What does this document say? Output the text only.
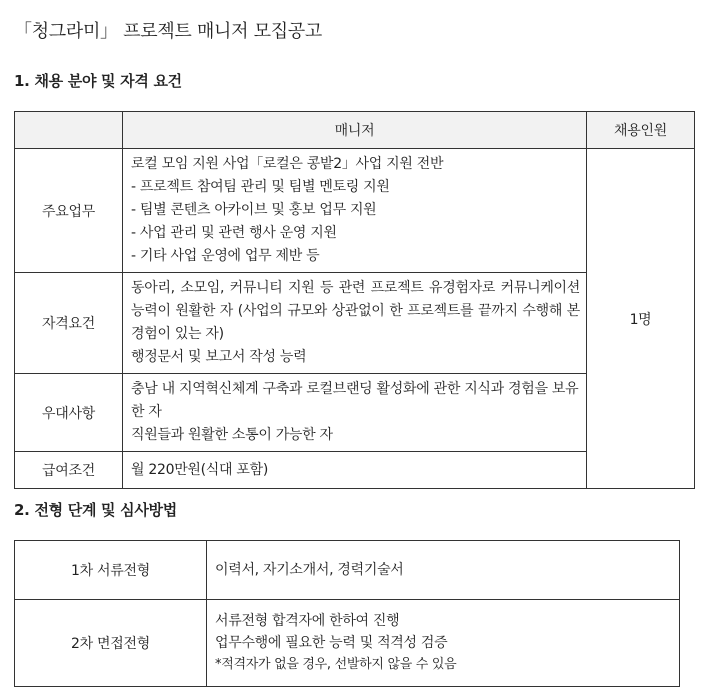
「청그라미」 프로젝트 매니저 모집공고
1. 채용 분야 및 자격 요건
	매니저	채용인원
주요업무	로컬 모임 지원 사업「로컬은 콩밭2」사업 지원 전반
- 프로젝트 참여팀 관리 및 팀별 멘토링 지원
- 팀별 콘텐츠 아카이브 및 홍보 업무 지원
- 사업 관리 및 관련 행사 운영 지원
- 기타 사업 운영에 업무 제반 등	1명
자격요건	동아리, 소모임, 커뮤니티 지원 등 관련 프로젝트 유경험자로 커뮤니케이션 능력이 원활한 자 (사업의 규모와 상관없이 한 프로젝트를 끝까지 수행해 본 경험이 있는 자)
행정문서 및 보고서 작성 능력	

우대사항	충남 내 지역혁신체계 구축과 로컬브랜딩 활성화에 관한 지식과 경험을 보유한 자
직원들과 원활한 소통이 가능한 자	

급여조건	월 220만원(식대 포함)	
2. 전형 단계 및 심사방법
1차 서류전형	이력서, 자기소개서, 경력기술서

2차 면접전형	서류전형 합격자에 한하여 진행
업무수행에 필요한 능력 및 적격성 검증
*적격자가 없을 경우, 선발하지 않을 수 있음
